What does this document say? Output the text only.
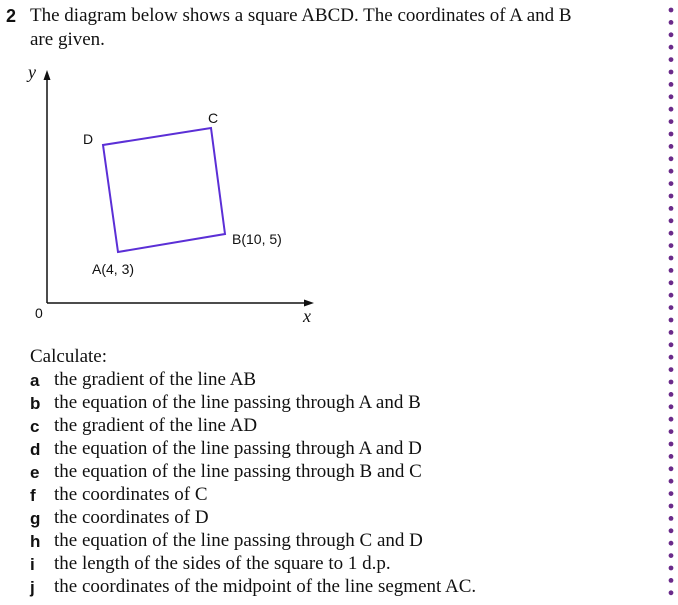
2 The diagram below shows a square ABCD. The coordinates of A and B
are given.
y
x
0
A(4, 3)
B(10, 5)
C
D
Calculate:
a the gradient of the line AB
b the equation of the line passing through A and B
c the gradient of the line AD
d the equation of the line passing through A and D
e the equation of the line passing through B and C
f the coordinates of C
g the coordinates of D
h the equation of the line passing through C and D
i the length of the sides of the square to 1 d.p.
j the coordinates of the midpoint of the line segment AC.
